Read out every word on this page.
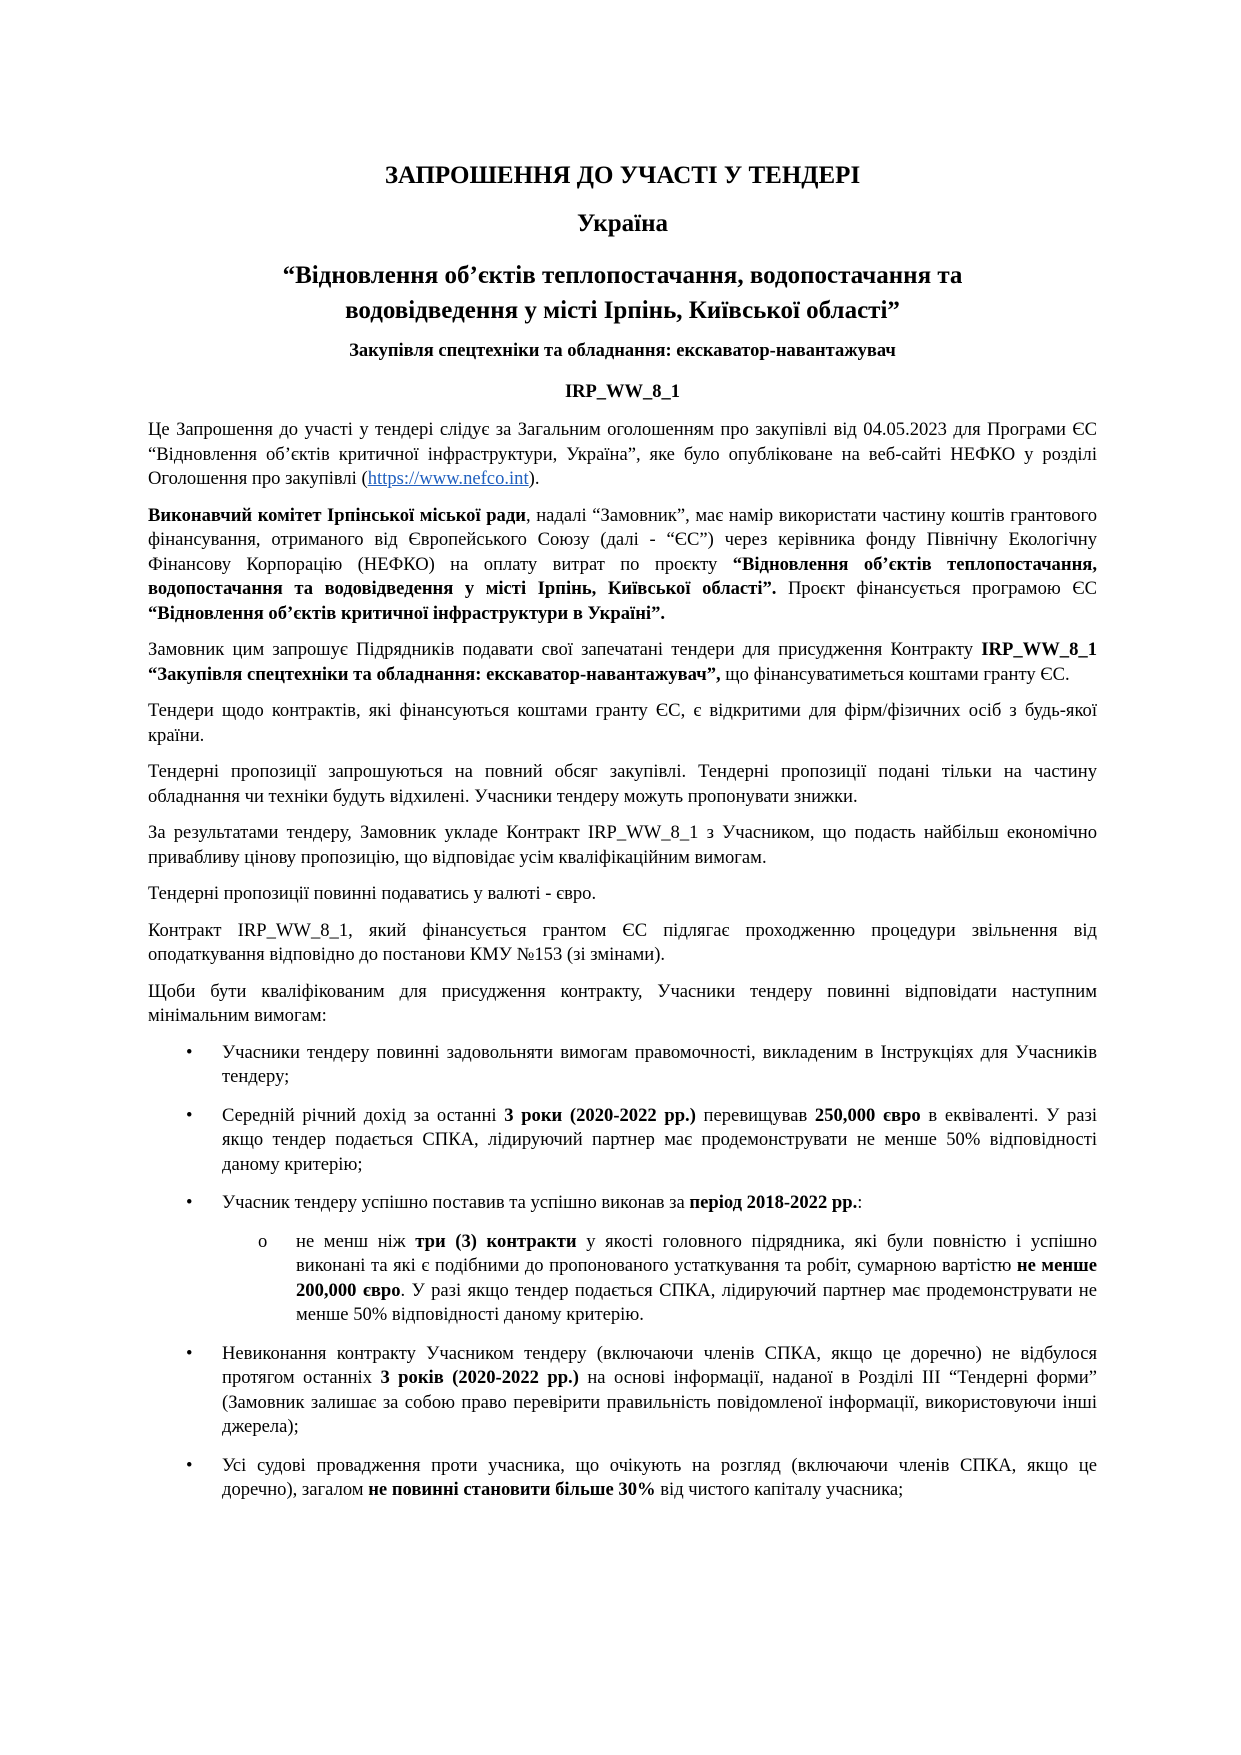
ЗАПРОШЕННЯ ДО УЧАСТІ У ТЕНДЕРІ
Україна
“Відновлення об’єктів теплопостачання, водопостачання та
водовідведення у місті Ірпінь, Київської області”
Закупівля спецтехніки та обладнання: екскаватор-навантажувач
IRP_WW_8_1

Це Запрошення до участі у тендері слідує за Загальним оголошенням про закупівлі від 04.05.2023 для Програми ЄС “Відновлення об’єктів критичної інфраструктури, Україна”, яке було опубліковане на веб-сайті НЕФКО у розділі Оголошення про закупівлі (https://www.nefco.int).

Виконавчий комітет Ірпінської міської ради, надалі “Замовник”, має намір використати частину коштів грантового фінансування, отриманого від Європейського Союзу (далі - “ЄС”) через керівника фонду Північну Екологічну Фінансову Корпорацію (НЕФКО) на оплату витрат по проєкту “Відновлення об’єктів теплопостачання, водопостачання та водовідведення у місті Ірпінь, Київської області”. Проєкт фінансується програмою ЄС “Відновлення об’єктів критичної інфраструктури в Україні”.

Замовник цим запрошує Підрядників подавати свої запечатані тендери для присудження Контракту IRP_WW_8_1 “Закупівля спецтехніки та обладнання: екскаватор-навантажувач”, що фінансуватиметься коштами гранту ЄС.

Тендери щодо контрактів, які фінансуються коштами гранту ЄС, є відкритими для фірм/фізичних осіб з будь-якої країни.

Тендерні пропозиції запрошуються на повний обсяг закупівлі. Тендерні пропозиції подані тільки на частину обладнання чи техніки будуть відхилені. Учасники тендеру можуть пропонувати знижки.

За результатами тендеру, Замовник укладе Контракт IRP_WW_8_1 з Учасником, що подасть найбільш економічно привабливу цінову пропозицію, що відповідає усім кваліфікаційним вимогам.

Тендерні пропозиції повинні подаватись у валюті - євро.

Контракт IRP_WW_8_1, який фінансується грантом ЄС підлягає проходженню процедури звільнення від оподаткування відповідно до постанови КМУ №153 (зі змінами).

Щоби бути кваліфікованим для присудження контракту, Учасники тендеру повинні відповідати наступним мінімальним вимогам:

• Учасники тендеру повинні задовольняти вимогам правомочності, викладеним в Інструкціях для Учасників тендеру;
• Середній річний дохід за останні 3 роки (2020-2022 рр.) перевищував 250,000 євро в еквіваленті. У разі якщо тендер подається СПКА, лідируючий партнер має продемонструвати не менше 50% відповідності даному критерію;
• Учасник тендеру успішно поставив та успішно виконав за період 2018-2022 рр.:
o не менш ніж три (3) контракти у якості головного підрядника, які були повністю і успішно виконані та які є подібними до пропонованого устаткування та робіт, сумарною вартістю не менше 200,000 євро. У разі якщо тендер подається СПКА, лідируючий партнер має продемонструвати не менше 50% відповідності даному критерію.
• Невиконання контракту Учасником тендеру (включаючи членів СПКА, якщо це доречно) не відбулося протягом останніх 3 років (2020-2022 рр.) на основі інформації, наданої в Розділі III “Тендерні форми” (Замовник залишає за собою право перевірити правильність повідомленої інформації, використовуючи інші джерела);
• Усі судові провадження проти учасника, що очікують на розгляд (включаючи членів СПКА, якщо це доречно), загалом не повинні становити більше 30% від чистого капіталу учасника;
